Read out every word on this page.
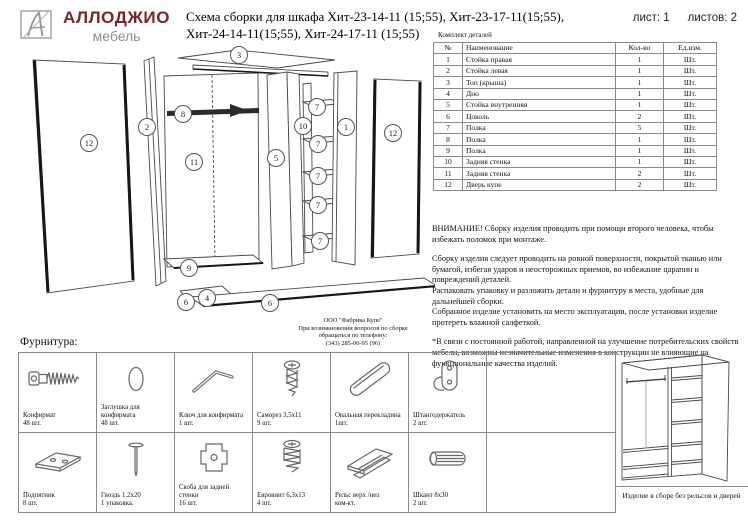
АЛЛОДЖИО
мебель
Схема сборки для шкафа Хит-23-14-11 (15;55), Хит-23-17-11(15;55),
Хит-24-14-11(15;55), Хит-24-17-11 (15;55)
лист: 1 листов: 2
12
2
8
11
9
3
5
10
7
7
7
7
7
1
12
6 4	6
ООО "Фабрика Купе"
При возникновении вопросов по сборке
обращаться по телефону:
(343) 285-00-95 (96)
Комплект деталей
№	Наименование	Кол-во	Ед.изм.
1	Стойка правая	1	Шт.
2	Стойка левая	1	Шт.
3	Топ (крыша)	1	Шт.
4	Дно	1	Шт.
5	Стойка внутренняя	1	Шт.
6	Цоколь	2	Шт.
7	Полка	5	Шт.
8	Полка	1	Шт.
9	Полка	1	Шт.
10	Задняя стенка	1	Шт.
11	Задняя стенка	2	Шт.
12	Дверь купе	2	Шт.
ВНИМАНИЕ! Сборку изделия проводить при помощи второго человека, чтобы избежать поломок при монтаже.
Сборку изделия следует проводить на ровной поверхности, покрытой тканью или бумагой, избегая ударов и неосторожных приемов, во избежание царапин и повреждений деталей.
Распаковать упаковку и разложить детали и фурнитуру в места, удобные для дальнейшей сборки.
Собранное изделие установить на место эксплуатации, после установки изделие протереть влажной салфеткой.
*В связи с постоянной работой, направленной на улучшение потребительских свойств мебели, возможны незначительные изменения в конструкции не влияющие на функциональные качества изделий.
Фурнитура:
Конфирмат
48 шт.
Заглушка для конфирмата
48 шт.
Ключ для конфирмата
1 шт.
Саморез 3,5х11
9 шт.
Овальная перекладина
1шт.
Штангодержатель
2 шт.
Подпятник
8 шт.
Гвоздь 1.2х20
1 упаковка.
Скоба для задней стенки
16 шт.
Евровинт 6,3х13
4 шт.
Рельс верх /низ
ком-кт.
Шкант 8х30
2 шт.
Изделие в сборе без рельсов и дверей
